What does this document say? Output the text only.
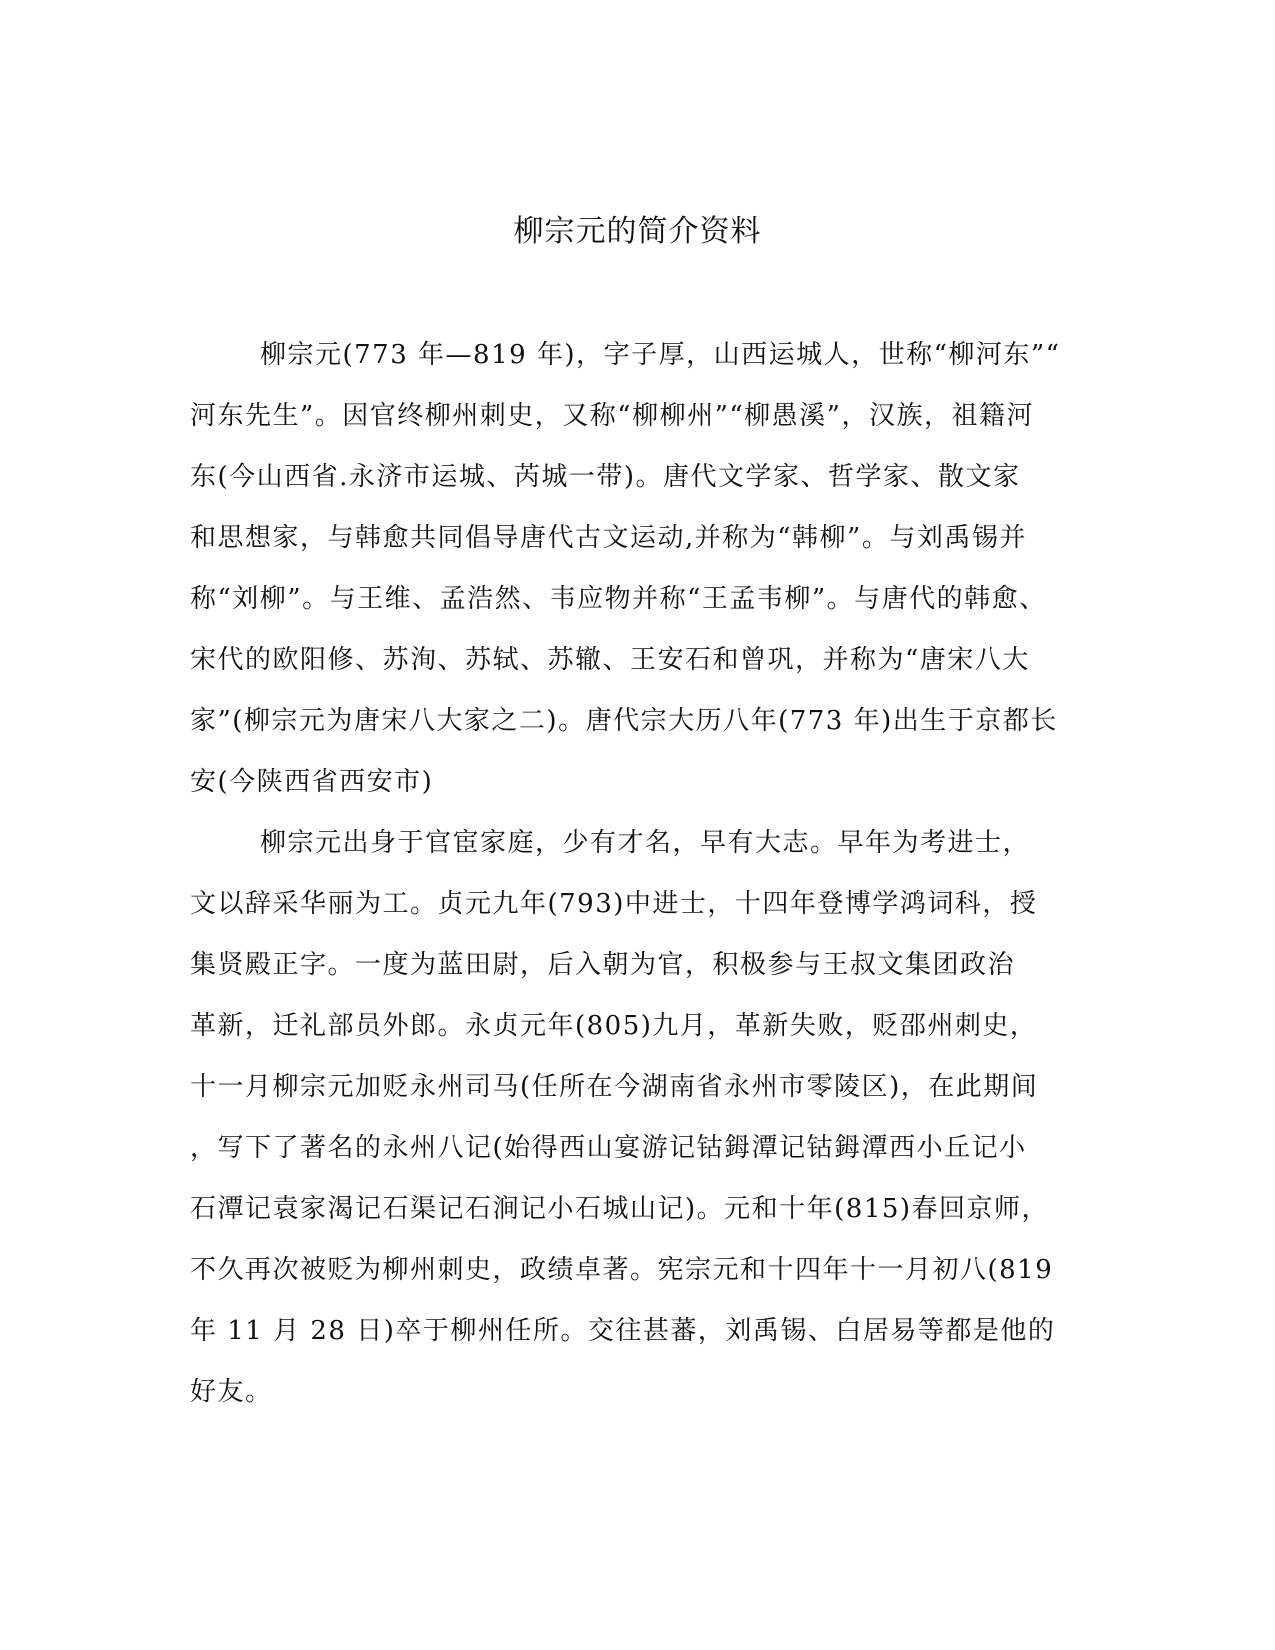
柳宗元的简介资料
柳宗元(773 年—819 年)，字子厚，山西运城人，世称“柳河东”“
河东先生”。因官终柳州刺史，又称“柳柳州”“柳愚溪”，汉族，祖籍河
东(今山西省.永济市运城、芮城一带)。唐代文学家、哲学家、散文家
和思想家，与韩愈共同倡导唐代古文运动,并称为“韩柳”。与刘禹锡并
称“刘柳”。与王维、孟浩然、韦应物并称“王孟韦柳”。与唐代的韩愈、
宋代的欧阳修、苏洵、苏轼、苏辙、王安石和曾巩，并称为“唐宋八大
家”(柳宗元为唐宋八大家之二)。唐代宗大历八年(773 年)出生于京都长
安(今陕西省西安市)
柳宗元出身于官宦家庭，少有才名，早有大志。早年为考进士，
文以辞采华丽为工。贞元九年(793)中进士，十四年登博学鸿词科，授
集贤殿正字。一度为蓝田尉，后入朝为官，积极参与王叔文集团政治
革新，迁礼部员外郎。永贞元年(805)九月，革新失败，贬邵州刺史，
十一月柳宗元加贬永州司马(任所在今湖南省永州市零陵区)，在此期间
，写下了著名的永州八记(始得西山宴游记钴鉧潭记钴鉧潭西小丘记小
石潭记袁家渴记石渠记石涧记小石城山记)。元和十年(815)春回京师，
不久再次被贬为柳州刺史，政绩卓著。宪宗元和十四年十一月初八(819
年 11 月 28 日)卒于柳州任所。交往甚蕃，刘禹锡、白居易等都是他的
好友。
